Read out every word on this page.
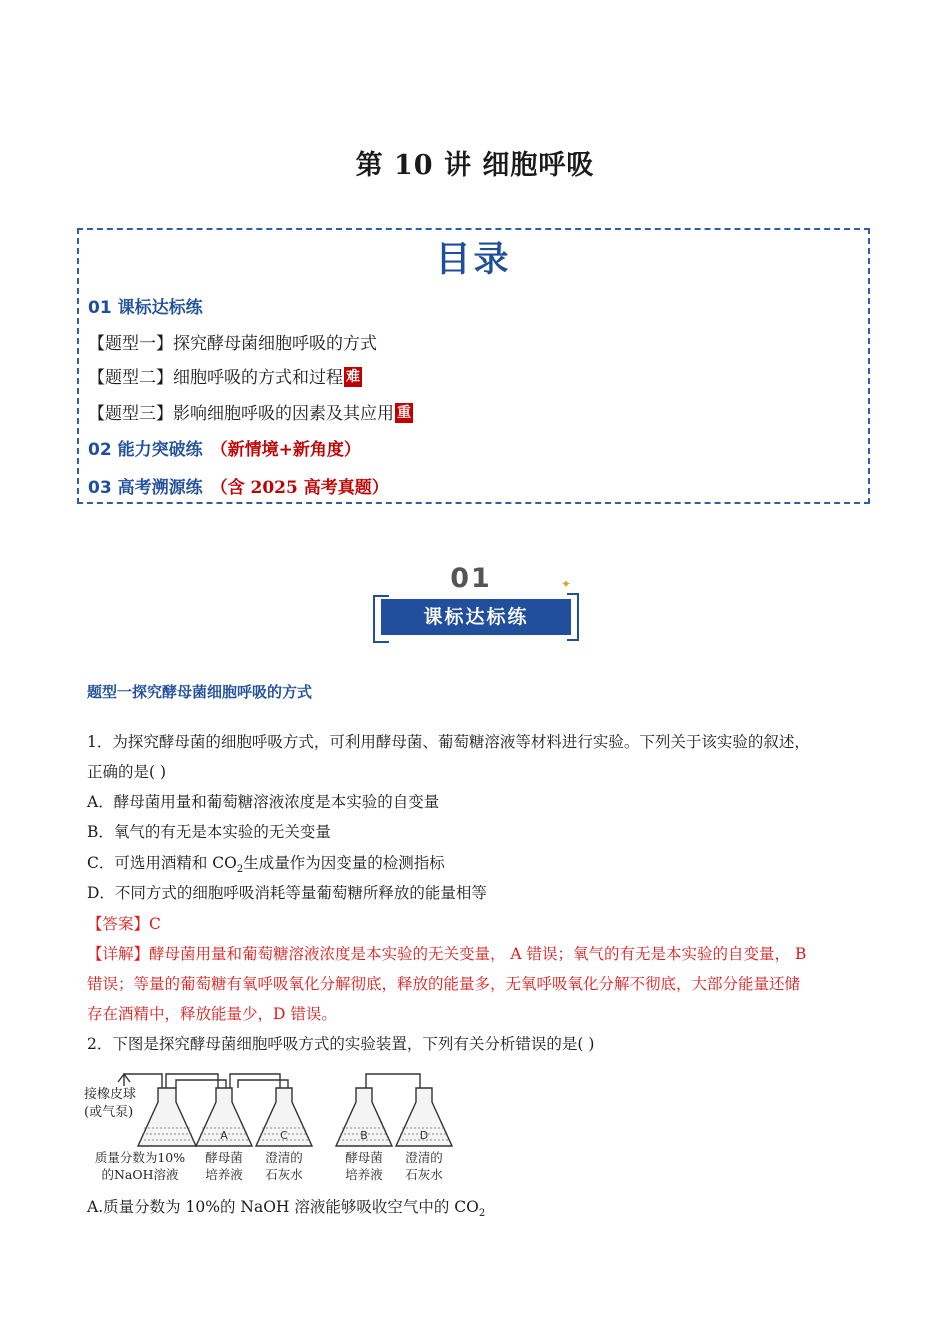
第 10 讲 细胞呼吸
目录
01 课标达标练
【题型一】探究酵母菌细胞呼吸的方式
【题型二】细胞呼吸的方式和过程 难
【题型三】影响细胞呼吸的因素及其应用 重
02 能力突破练 （新情境+新角度）
03 高考溯源练 （含 2025 高考真题）
01
课标达标练
✦
题型一探究酵母菌细胞呼吸的方式
1．为探究酵母菌的细胞呼吸方式，可利用酵母菌、葡萄糖溶液等材料进行实验。下列关于该实验的叙述，
正确的是( )
A．酵母菌用量和葡萄糖溶液浓度是本实验的自变量
B．氧气的有无是本实验的无关变量
C．可选用酒精和 $CO_2$生成量作为因变量的检测指标
D．不同方式的细胞呼吸消耗等量葡萄糖所释放的能量相等
【答案】C
【详解】酵母菌用量和葡萄糖溶液浓度是本实验的无关变量， A 错误；氧气的有无是本实验的自变量， B
错误；等量的葡萄糖有氧呼吸氧化分解彻底，释放的能量多，无氧呼吸氧化分解不彻底，大部分能量还储
存在酒精中，释放能量少，D 错误。
2．下图是探究酵母菌细胞呼吸方式的实验装置，下列有关分析错误的是( )
接橡皮球
(或气泵)
A	C	B	D
质量分数为10%
的NaOH溶液
酵母菌
培养液
澄清的
石灰水
酵母菌
培养液
澄清的
石灰水
A.质量分数为 10%的 NaOH 溶液能够吸收空气中的 $CO_2$
